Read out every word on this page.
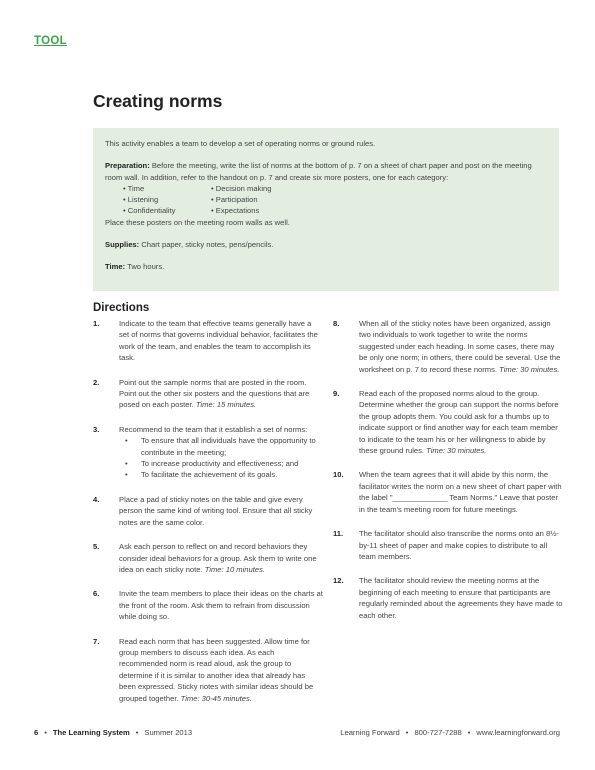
TOOL
Creating norms

This activity enables a team to develop a set of operating norms or ground rules.

Preparation: Before the meeting, write the list of norms at the bottom of p. 7 on a sheet of chart paper and post on the meeting room wall. In addition, refer to the handout on p. 7 and create six more posters, one for each category:

• Time	• Decision making
• Listening	• Participation
• Confidentiality	• Expectations

Place these posters on the meeting room walls as well.

Supplies: Chart paper, sticky notes, pens/pencils.

Time: Two hours.

Directions
1.	Indicate to the team that effective teams generally have a set of norms that governs individual behavior, facilitates the work of the team, and enables the team to accomplish its task.
2.	Point out the sample norms that are posted in the room. Point out the other six posters and the questions that are posed on each poster. Time: 15 minutes.
3.	Recommend to the team that it establish a set of norms:
•	To ensure that all individuals have the opportunity to contribute in the meeting;
•	To increase productivity and effectiveness; and
•	To facilitate the achievement of its goals.
4.	Place a pad of sticky notes on the table and give every person the same kind of writing tool. Ensure that all sticky notes are the same color.
5.	Ask each person to reflect on and record behaviors they consider ideal behaviors for a group. Ask them to write one idea on each sticky note. Time: 10 minutes.
6.	Invite the team members to place their ideas on the charts at the front of the room. Ask them to refrain from discussion while doing so.
7.	Read each norm that has been suggested. Allow time for group members to discuss each idea. As each recommended norm is read aloud, ask the group to determine if it is similar to another idea that already has been expressed. Sticky notes with similar ideas should be grouped together. Time: 30-45 minutes.
8.	When all of the sticky notes have been organized, assign two individuals to work together to write the norms suggested under each heading. In some cases, there may be only one norm; in others, there could be several. Use the worksheet on p. 7 to record these norms. Time: 30 minutes.
9.	Read each of the proposed norms aloud to the group. Determine whether the group can support the norms before the group adopts them. You could ask for a thumbs up to indicate support or find another way for each team member to indicate to the team his or her willingness to abide by these ground rules. Time: 30 minutes.
10.	When the team agrees that it will abide by this norm, the facilitator writes the norm on a new sheet of chart paper with the label "_____________ Team Norms." Leave that poster in the team's meeting room for future meetings.
11.	The facilitator should also transcribe the norms onto an 8½-by-11 sheet of paper and make copies to distribute to all team members.
12.	The facilitator should review the meeting norms at the beginning of each meeting to ensure that participants are regularly reminded about the agreements they have made to each other.
6 • The Learning System • Summer 2013	Learning Forward • 800-727-7288 • www.learningforward.org
